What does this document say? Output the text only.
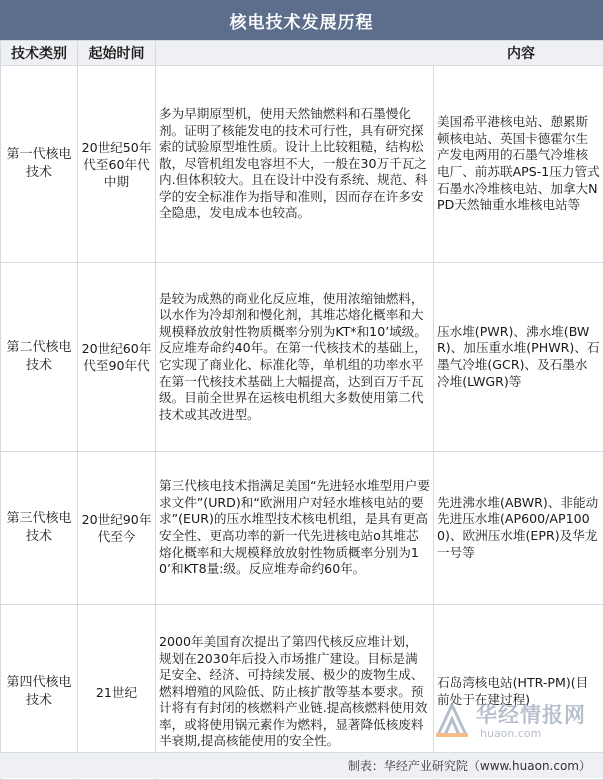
核电技术发展历程
技术类别	起始时间	内容	
第一代核电技术	20世纪50年代至60年代中期	多为早期原型机，使用天然铀燃料和石墨慢化剂。证明了核能发电的技术可行性，具有研究探索的试验原型堆性质。设计上比较粗糙，结构松散，尽管机组发电容坦不大，一般在30万千瓦之内.但体积较大。且在设计中没有系统、规范、科学的安全标准作为指导和准则，因而存在许多安全隐患，发电成本也较高。	美国希平港核电站、憩累斯顿核电站、英国卡德霍尔生产发电两用的石墨气冷堆核电厂、前苏联APS-1压力管式石墨水冷堆核电站、加拿大NPD天然铀重水堆核电站等
第二代核电技术	20世纪60年代至90年代	是较为成熟的商业化反应堆，使用浓缩铀燃料，以水作为冷却剂和慢化剂，其堆芯熔化概率和大规模释放放射性物质概率分别为KT*和10’域级。反应堆寿命约40年。在第一代核技术的基础上，它实现了商业化、标准化等，单机组的功率水平在第一代核技术基础上大幅提高，达到百万千瓦级。目前全世界在运核电机组大多数使用第二代技术或其改进型。	压水堆(PWR)、沸水堆(BWR)、加压重水堆(PHWR)、石墨气冷堆(GCR)、及石墨水冷堆(LWGR)等
第三代核电技术	20世纪90年代至今	第三代核电技术指满足美国“先进轻水堆型用户要求文件”(URD)和“欧洲用户对轻水堆核电站的要求”(EUR)的压水堆型技术核电机组，是具有更高安全性、更高功率的新一代先进核电站o其堆芯熔化概率和大规模释放放射性物质概率分别为10’和KT8量:级。反应堆寿命约60年。	先进沸水堆(ABWR)、非能动先进压水堆(AP600/AP1000)、欧洲压水堆(EPR)及华龙一号等
第四代核电技术	21世纪	2000年美国育次提出了第四代核反应堆计划，规划在2030年后投入市场推广建设。目标是满足安全、经济、可持续发展、极少的废物生成、燃料増殖的风险低、防止核扩散等基本要求。预计将有有封闭的核燃料产业链.提高核燃料使用效率，或将使用锅元素作为燃料，显著降低核废料半衰期,提高核能使用的安全性。	石岛湾核电站(HTR-PM)(目前处于在建过程)
华经情报网
huaon.com
制表：华经产业研究院（www.huaon.com）
